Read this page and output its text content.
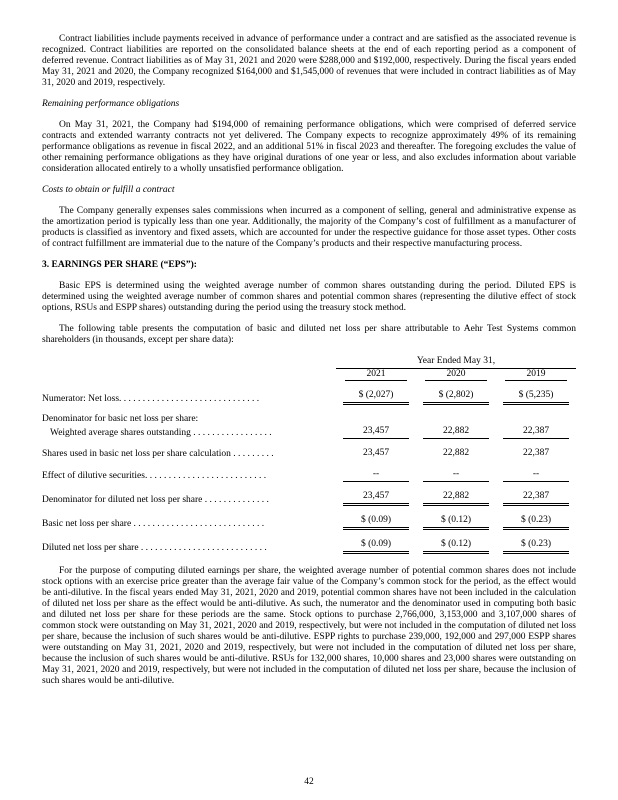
Contract liabilities include payments received in advance of performance under a contract and are satisfied as the associated revenue is recognized. Contract liabilities are reported on the consolidated balance sheets at the end of each reporting period as a component of deferred revenue. Contract liabilities as of May 31, 2021 and 2020 were $288,000 and $192,000, respectively. During the fiscal years ended May 31, 2021 and 2020, the Company recognized $164,000 and $1,545,000 of revenues that were included in contract liabilities as of May 31, 2020 and 2019, respectively.

Remaining performance obligations

On May 31, 2021, the Company had $194,000 of remaining performance obligations, which were comprised of deferred service contracts and extended warranty contracts not yet delivered. The Company expects to recognize approximately 49% of its remaining performance obligations as revenue in fiscal 2022, and an additional 51% in fiscal 2023 and thereafter. The foregoing excludes the value of other remaining performance obligations as they have original durations of one year or less, and also excludes information about variable consideration allocated entirely to a wholly unsatisfied performance obligation.

Costs to obtain or fulfill a contract

The Company generally expenses sales commissions when incurred as a component of selling, general and administrative expense as the amortization period is typically less than one year. Additionally, the majority of the Company’s cost of fulfillment as a manufacturer of products is classified as inventory and fixed assets, which are accounted for under the respective guidance for those asset types. Other costs of contract fulfillment are immaterial due to the nature of the Company’s products and their respective manufacturing process.

3. EARNINGS PER SHARE (“EPS”):

Basic EPS is determined using the weighted average number of common shares outstanding during the period. Diluted EPS is determined using the weighted average number of common shares and potential common shares (representing the dilutive effect of stock options, RSUs and ESPP shares) outstanding during the period using the treasury stock method.

The following table presents the computation of basic and diluted net loss per share attributable to Aehr Test Systems common shareholders (in thousands, except per share data):

	Year Ended May 31,		

	2021	2020	2019
Numerator: Net loss. . . . . . . . . . . . . . . . . . . . . . . . . . . . . .	$ (2,027)	$ (2,802)	$ (5,235)
Denominator for basic net loss per share:			
Weighted average shares outstanding . . . . . . . . . . . . . . . . .	23,457	22,882	22,387
Shares used in basic net loss per share calculation . . . . . . . . .	23,457	22,882	22,387
Effect of dilutive securities. . . . . . . . . . . . . . . . . . . . . . . . . .	--	--	--
Denominator for diluted net loss per share . . . . . . . . . . . . . .	23,457	22,882	22,387
Basic net loss per share . . . . . . . . . . . . . . . . . . . . . . . . . . . .	$ (0.09)	$ (0.12)	$ (0.23)
Diluted net loss per share . . . . . . . . . . . . . . . . . . . . . . . . . . .	$ (0.09)	$ (0.12)	$ (0.23)

For the purpose of computing diluted earnings per share, the weighted average number of potential common shares does not include stock options with an exercise price greater than the average fair value of the Company’s common stock for the period, as the effect would be anti-dilutive. In the fiscal years ended May 31, 2021, 2020 and 2019, potential common shares have not been included in the calculation of diluted net loss per share as the effect would be anti-dilutive. As such, the numerator and the denominator used in computing both basic and diluted net loss per share for these periods are the same. Stock options to purchase 2,766,000, 3,153,000 and 3,107,000 shares of common stock were outstanding on May 31, 2021, 2020 and 2019, respectively, but were not included in the computation of diluted net loss per share, because the inclusion of such shares would be anti-dilutive. ESPP rights to purchase 239,000, 192,000 and 297,000 ESPP shares were outstanding on May 31, 2021, 2020 and 2019, respectively, but were not included in the computation of diluted net loss per share, because the inclusion of such shares would be anti-dilutive. RSUs for 132,000 shares, 10,000 shares and 23,000 shares were outstanding on May 31, 2021, 2020 and 2019, respectively, but were not included in the computation of diluted net loss per share, because the inclusion of such shares would be anti-dilutive.

42
